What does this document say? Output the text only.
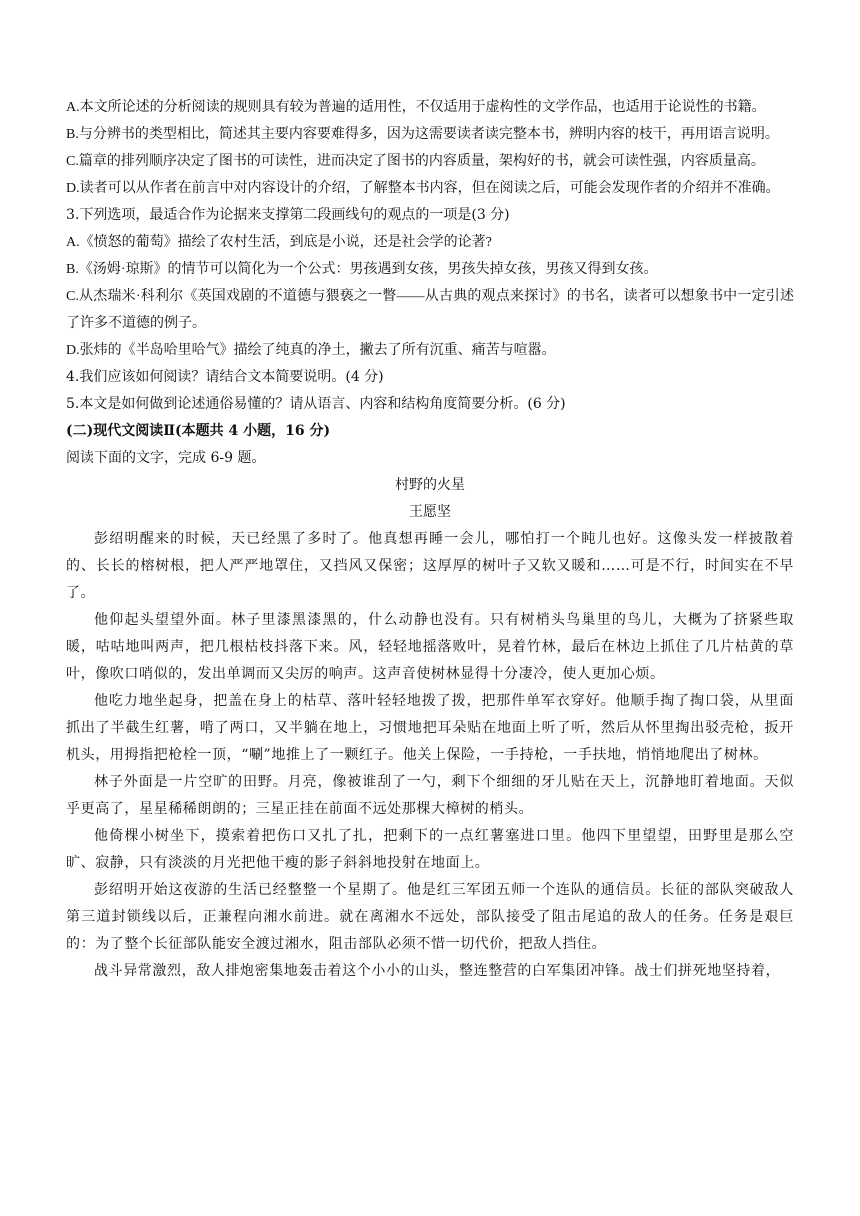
A.本文所论述的分析阅读的规则具有较为普遍的适用性，不仅适用于虚构性的文学作品，也适用于论说性的书籍。

B.与分辨书的类型相比，简述其主要内容要难得多，因为这需要读者读完整本书，辨明内容的枝干，再用语言说明。

C.篇章的排列顺序决定了图书的可读性，进而决定了图书的内容质量，架构好的书，就会可读性强，内容质量高。

D.读者可以从作者在前言中对内容设计的介绍，了解整本书内容，但在阅读之后，可能会发现作者的介绍并不准确。

3.下列选项，最适合作为论据来支撑第二段画线句的观点的一项是(3 分)

A.《愤怒的葡萄》描绘了农村生活，到底是小说，还是社会学的论著?

B.《汤姆·琼斯》的情节可以简化为一个公式：男孩遇到女孩，男孩失掉女孩，男孩又得到女孩。

C.从杰瑞米·科利尔《英国戏剧的不道德与猥亵之一瞥——从古典的观点来探讨》的书名，读者可以想象书中一定引述了许多不道德的例子。

D.张炜的《半岛哈里哈气》描绘了纯真的净土，撇去了所有沉重、痛苦与喧嚣。

4.我们应该如何阅读？请结合文本简要说明。(4 分)

5.本文是如何做到论述通俗易懂的？请从语言、内容和结构角度简要分析。(6 分)

(二)现代文阅读Ⅱ(本题共 4 小题，16 分)

阅读下面的文字，完成 6-9 题。

村野的火星

王愿坚

彭绍明醒来的时候，天已经黑了多时了。他真想再睡一会儿，哪怕打一个盹儿也好。这像头发一样披散着的、长长的榕树根，把人严严地罩住，又挡风又保密；这厚厚的树叶子又软又暖和……可是不行，时间实在不早了。

他仰起头望望外面。林子里漆黑漆黑的，什么动静也没有。只有树梢头鸟巢里的鸟儿，大概为了挤紧些取暖，咕咕地叫两声，把几根枯枝抖落下来。风，轻轻地摇落败叶，晃着竹林，最后在林边上抓住了几片枯黄的草叶，像吹口哨似的，发出单调而又尖厉的响声。这声音使树林显得十分凄冷，使人更加心烦。

他吃力地坐起身，把盖在身上的枯草、落叶轻轻地拨了拨，把那件单军衣穿好。他顺手掏了掏口袋，从里面抓出了半截生红薯，啃了两口，又半躺在地上，习惯地把耳朵贴在地面上听了听，然后从怀里掏出驳壳枪，扳开机头，用拇指把枪栓一顶，“唰”地推上了一颗红子。他关上保险，一手持枪，一手扶地，悄悄地爬出了树林。

林子外面是一片空旷的田野。月亮，像被谁刮了一勺，剩下个细细的牙儿贴在天上，沉静地盯着地面。天似乎更高了，星星稀稀朗朗的；三星正挂在前面不远处那棵大樟树的梢头。

他倚棵小树坐下，摸索着把伤口又扎了扎，把剩下的一点红薯塞进口里。他四下里望望，田野里是那么空旷、寂静，只有淡淡的月光把他干瘦的影子斜斜地投射在地面上。

彭绍明开始这夜游的生活已经整整一个星期了。他是红三军团五师一个连队的通信员。长征的部队突破敌人第三道封锁线以后，正兼程向湘水前进。就在离湘水不远处，部队接受了阻击尾追的敌人的任务。任务是艰巨的：为了整个长征部队能安全渡过湘水，阻击部队必须不惜一切代价，把敌人挡住。

战斗异常激烈，敌人排炮密集地轰击着这个小小的山头，整连整营的白军集团冲锋。战士们拼死地坚持着，
